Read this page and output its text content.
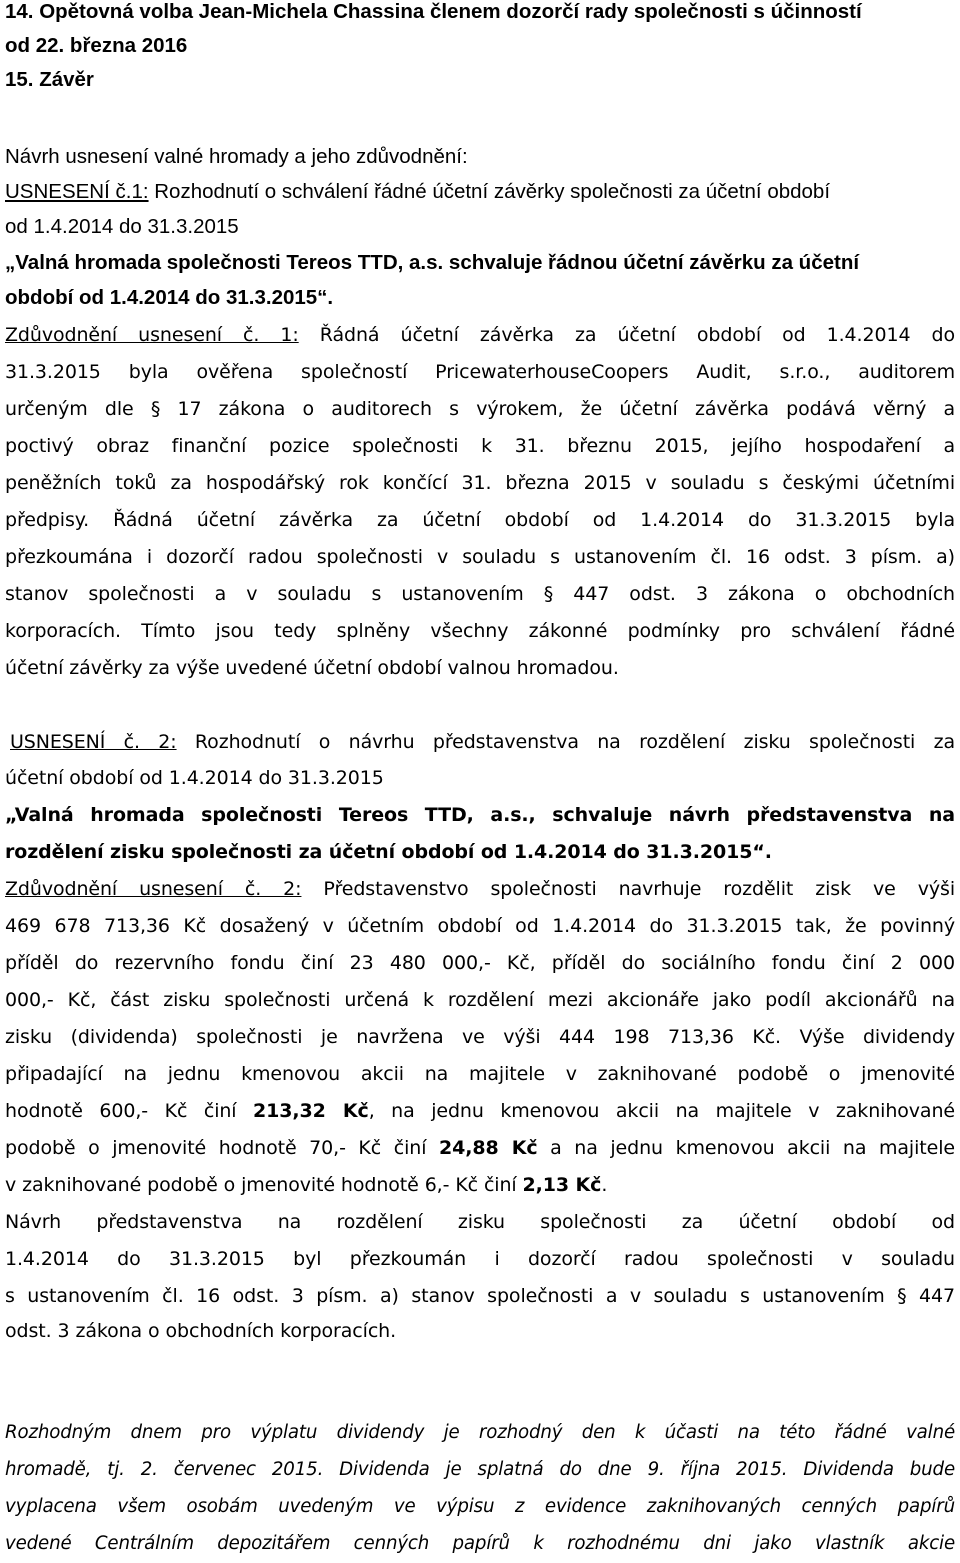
14. Opětovná volba Jean-Michela Chassina členem dozorčí rady společnosti s účinností

od 22. března 2016

15. Závěr

Návrh usnesení valné hromady a jeho zdůvodnění:

USNESENÍ č.1: Rozhodnutí o schválení řádné účetní závěrky společnosti za účetní období

od 1.4.2014 do 31.3.2015

„Valná hromada společnosti Tereos TTD, a.s. schvaluje řádnou účetní závěrku za účetní

období od 1.4.2014 do 31.3.2015“.

Zdůvodnění usnesení č. 1: Řádná účetní závěrka za účetní období od 1.4.2014 do

31.3.2015 byla ověřena společností PricewaterhouseCoopers Audit, s.r.o., auditorem

určeným dle § 17 zákona o auditorech s výrokem, že účetní závěrka podává věrný a

poctivý obraz finanční pozice společnosti k 31. březnu 2015, jejího hospodaření a

peněžních toků za hospodářský rok končící 31. března 2015 v souladu s českými účetními

předpisy. Řádná účetní závěrka za účetní období od 1.4.2014 do 31.3.2015 byla

přezkoumána i dozorčí radou společnosti v souladu s ustanovením čl. 16 odst. 3 písm. a)

stanov společnosti a v souladu s ustanovením § 447 odst. 3 zákona o obchodních

korporacích. Tímto jsou tedy splněny všechny zákonné podmínky pro schválení řádné

účetní závěrky za výše uvedené účetní období valnou hromadou.

USNESENÍ č. 2: Rozhodnutí o návrhu představenstva na rozdělení zisku společnosti za

účetní období od 1.4.2014 do 31.3.2015

„Valná hromada společnosti Tereos TTD, a.s., schvaluje návrh představenstva na

rozdělení zisku společnosti za účetní období od 1.4.2014 do 31.3.2015“.

Zdůvodnění usnesení č. 2: Představenstvo společnosti navrhuje rozdělit zisk ve výši

469 678 713,36 Kč dosažený v účetním období od 1.4.2014 do 31.3.2015 tak, že povinný

příděl do rezervního fondu činí 23 480 000,- Kč, příděl do sociálního fondu činí 2 000

000,- Kč, část zisku společnosti určená k rozdělení mezi akcionáře jako podíl akcionářů na

zisku (dividenda) společnosti je navržena ve výši 444 198 713,36 Kč. Výše dividendy

připadající na jednu kmenovou akcii na majitele v zaknihované podobě o jmenovité

hodnotě 600,- Kč činí 213,32 Kč, na jednu kmenovou akcii na majitele v zaknihované

podobě o jmenovité hodnotě 70,- Kč činí 24,88 Kč a na jednu kmenovou akcii na majitele

v zaknihované podobě o jmenovité hodnotě 6,- Kč činí 2,13 Kč.

Návrh představenstva na rozdělení zisku společnosti za účetní období od

1.4.2014 do 31.3.2015 byl přezkoumán i dozorčí radou společnosti v souladu

s ustanovením čl. 16 odst. 3 písm. a) stanov společnosti a v souladu s ustanovením § 447

odst. 3 zákona o obchodních korporacích.

Rozhodným dnem pro výplatu dividendy je rozhodný den k účasti na této řádné valné

hromadě, tj. 2. červenec 2015. Dividenda je splatná do dne 9. října 2015. Dividenda bude

vyplacena všem osobám uvedeným ve výpisu z evidence zaknihovaných cenných papírů

vedené Centrálním depozitářem cenných papírů k rozhodnému dni jako vlastník akcie
